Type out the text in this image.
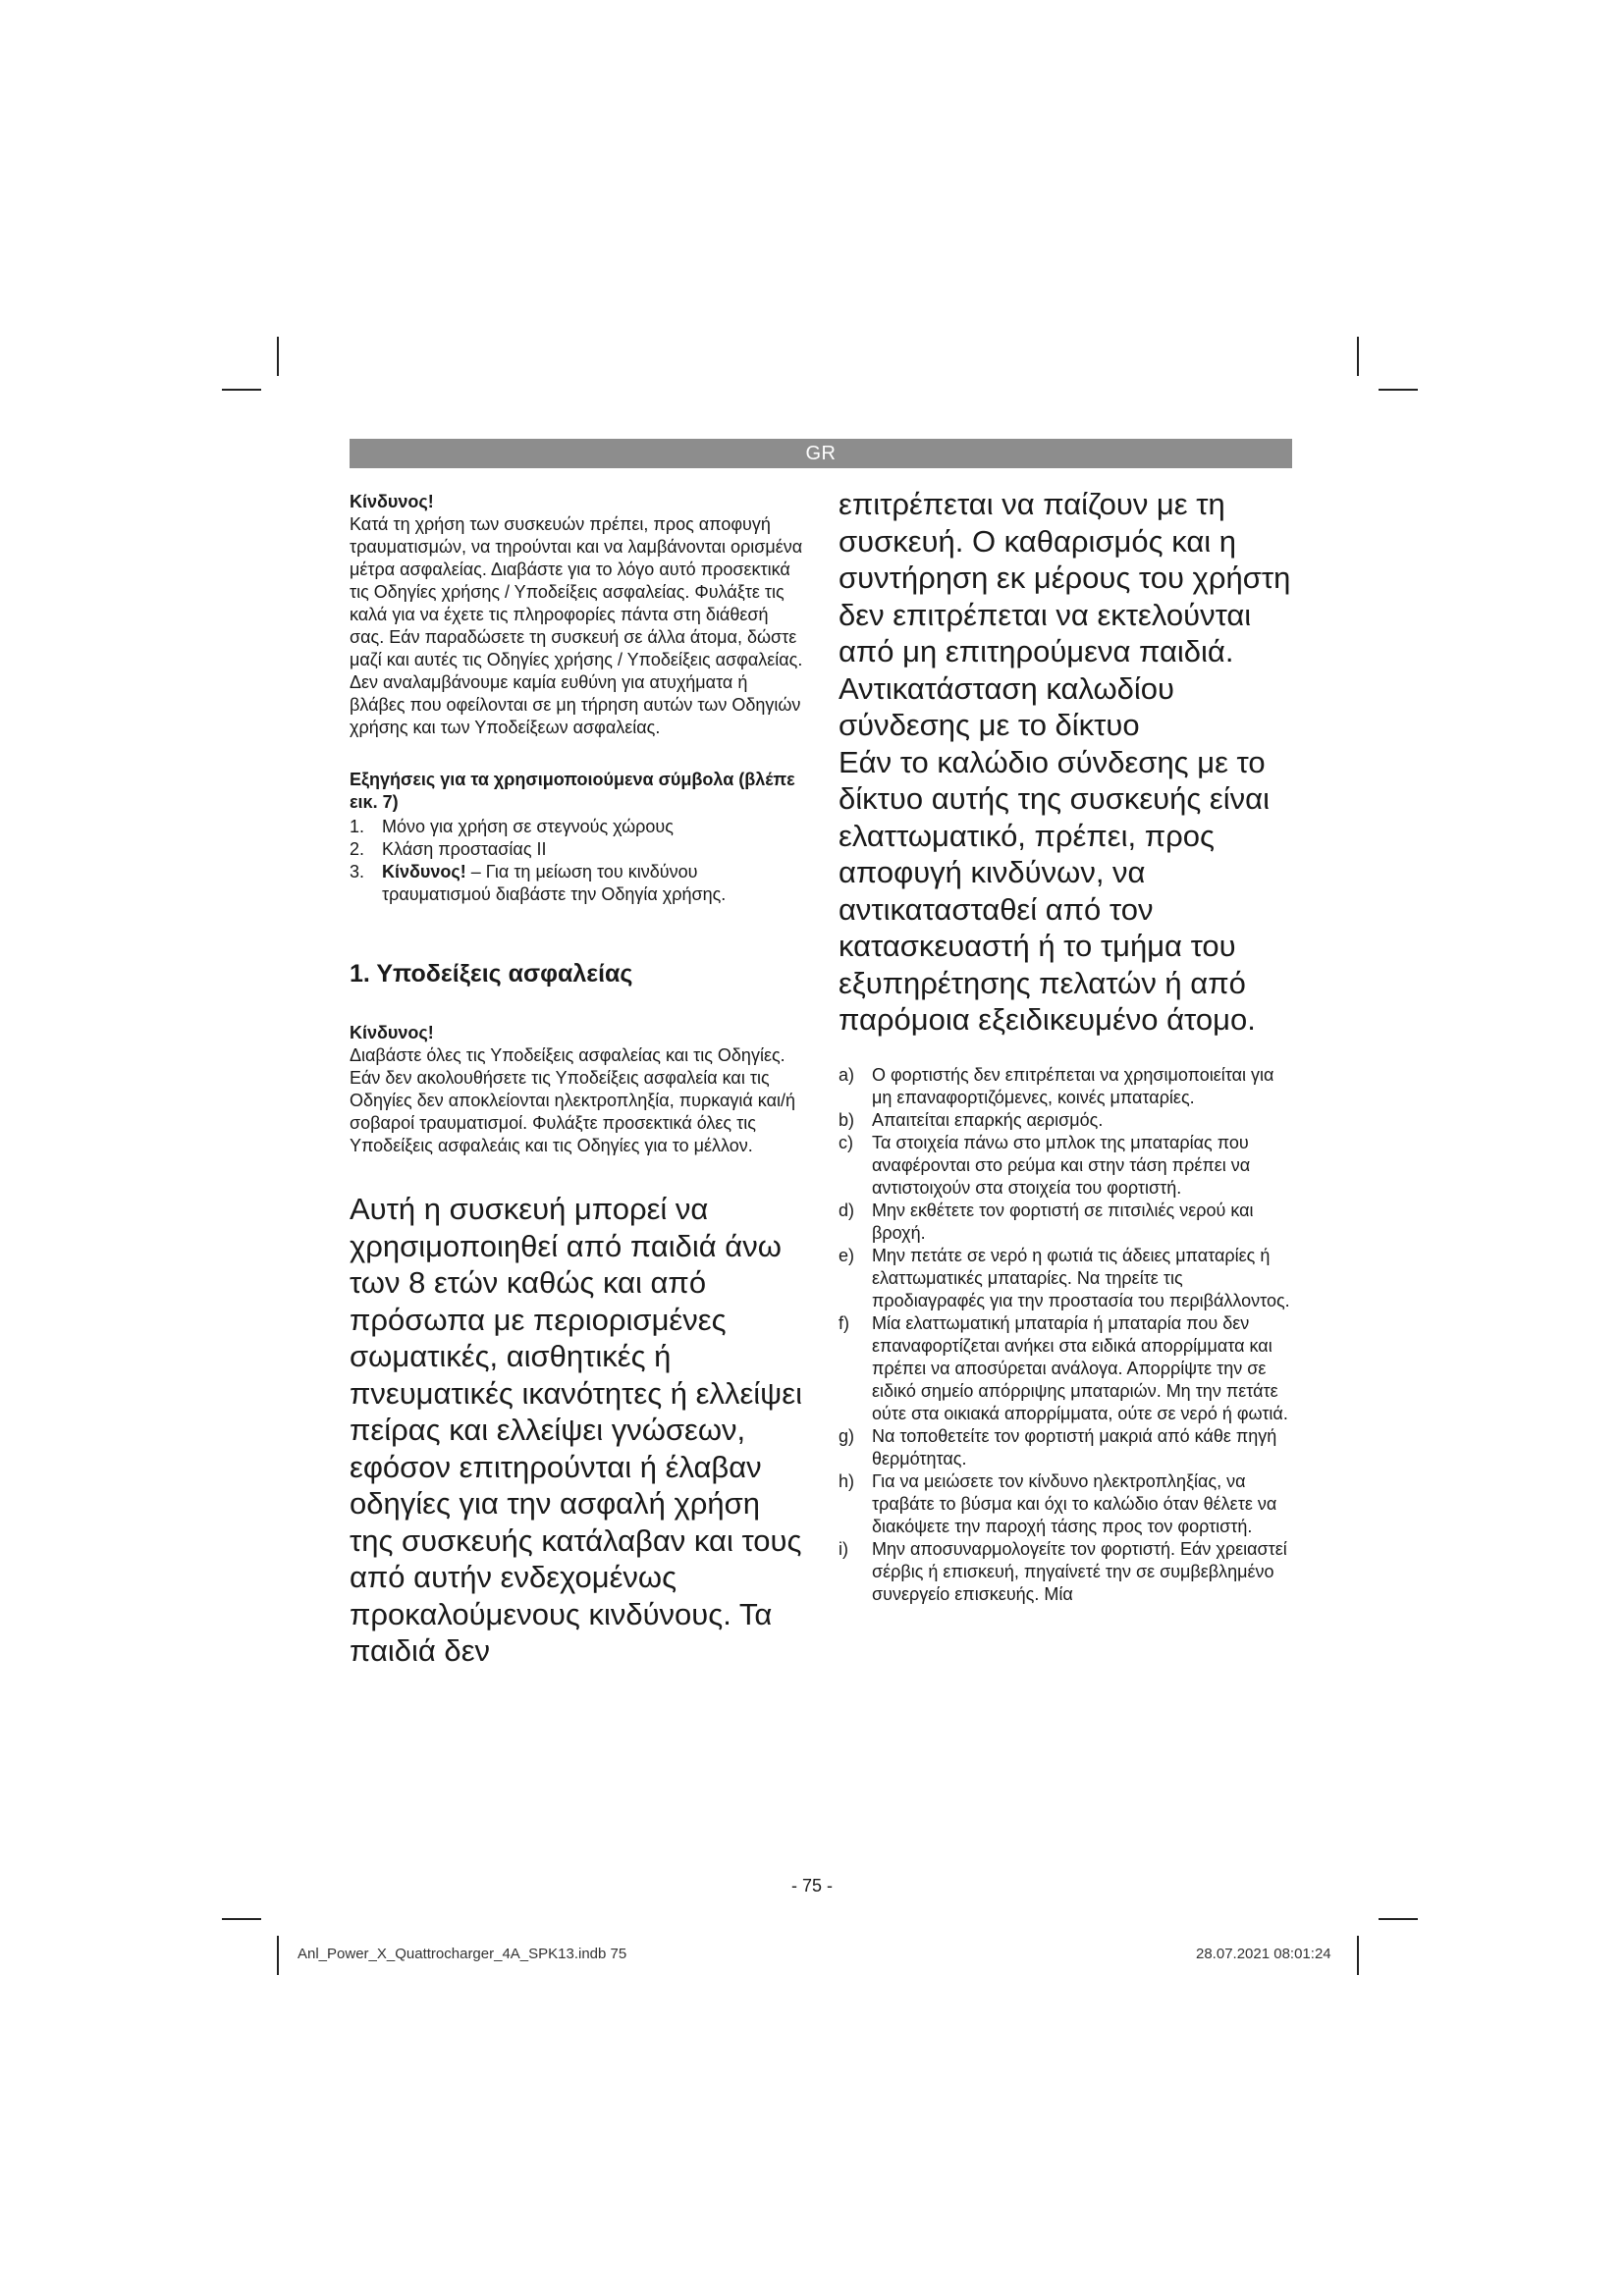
GR

Κίνδυνος!

Κατά τη χρήση των συσκευών πρέπει, προς αποφυγή τραυματισμών, να τηρούνται και να λαμβάνονται ορισμένα μέτρα ασφαλείας. Διαβάστε για το λόγο αυτό προσεκτικά τις Οδηγίες χρήσης / Υποδείξεις ασφαλείας. Φυλάξτε τις καλά για να έχετε τις πληροφορίες πάντα στη διάθεσή σας. Εάν παραδώσετε τη συσκευή σε άλλα άτομα, δώστε μαζί και αυτές τις Οδηγίες χρήσης / Υποδείξεις ασφαλείας. Δεν αναλαμβάνουμε καμία ευθύνη για ατυχήματα ή βλάβες που οφείλονται σε μη τήρηση αυτών των Οδηγιών χρήσης και των Υποδείξεων ασφαλείας.

Εξηγήσεις για τα χρησιμοποιούμενα σύμβολα (βλέπε εικ. 7)

1. Μόνο για χρήση σε στεγνούς χώρους
2. Κλάση προστασίας II
3. Κίνδυνος! – Για τη μείωση του κινδύνου τραυματισμού διαβάστε την Οδηγία χρήσης.
1. Υποδείξεις ασφαλείας

Κίνδυνος!

Διαβάστε όλες τις Υποδείξεις ασφαλείας και τις Οδηγίες. Εάν δεν ακολουθήσετε τις Υποδείξεις ασφαλεία και τις Οδηγίες δεν αποκλείονται ηλεκτροπληξία, πυρκαγιά και/ή σοβαροί τραυματισμοί. Φυλάξτε προσεκτικά όλες τις Υποδείξεις ασφαλεάις και τις Οδηγίες για το μέλλον.

Αυτή η συσκευή μπορεί να χρησιμοποιηθεί από παιδιά άνω των 8 ετών καθώς και από πρόσωπα με περιορισμένες σωματικές, αισθητικές ή πνευματικές ικανότητες ή ελλείψει πείρας και ελλείψει γνώσεων, εφόσον επιτηρούνται ή έλαβαν οδηγίες για την ασφαλή χρήση της συσκευής κατάλαβαν και τους από αυτήν ενδεχομένως προκαλούμενους κινδύνους. Τα παιδιά δεν

επιτρέπεται να παίζουν με τη συσκευή. Ο καθαρισμός και η συντήρηση εκ μέρους του χρήστη δεν επιτρέπεται να εκτελούνται από μη επιτηρούμενα παιδιά.

Αντικατάσταση καλωδίου σύνδεσης με το δίκτυο

Εάν το καλώδιο σύνδεσης με το δίκτυο αυτής της συσκευής είναι ελαττωματικό, πρέπει, προς αποφυγή κινδύνων, να αντικατασταθεί από τον κατασκευαστή ή το τμήμα του εξυπηρέτησης πελατών ή από παρόμοια εξειδικευμένο άτομο.

a) Ο φορτιστής δεν επιτρέπεται να χρησιμοποιείται για μη επαναφορτιζόμενες, κοινές μπαταρίες.
b) Απαιτείται επαρκής αερισμός.
c) Τα στοιχεία πάνω στο μπλοκ της μπαταρίας που αναφέρονται στο ρεύμα και στην τάση πρέπει να αντιστοιχούν στα στοιχεία του φορτιστή.
d) Μην εκθέτετε τον φορτιστή σε πιτσιλιές νερού και βροχή.
e) Μην πετάτε σε νερό η φωτιά τις άδειες μπαταρίες ή ελαττωματικές μπαταρίες. Να τηρείτε τις προδιαγραφές για την προστασία του περιβάλλοντος.
f) Μία ελαττωματική μπαταρία ή μπαταρία που δεν επαναφορτίζεται ανήκει στα ειδικά απορρίμματα και πρέπει να αποσύρεται ανάλογα. Απορρίψτε την σε ειδικό σημείο απόρριψης μπαταριών. Μη την πετάτε ούτε στα οικιακά απορρίμματα, ούτε σε νερό ή φωτιά.
g) Να τοποθετείτε τον φορτιστή μακριά από κάθε πηγή θερμότητας.
h) Για να μειώσετε τον κίνδυνο ηλεκτροπληξίας, να τραβάτε το βύσμα και όχι το καλώδιο όταν θέλετε να διακόψετε την παροχή τάσης προς τον φορτιστή.
i) Μην αποσυναρμολογείτε τον φορτιστή. Εάν χρειαστεί σέρβις ή επισκευή, πηγαίνετέ την σε συμβεβλημένο συνεργείο επισκευής. Μία
- 75 -
Anl_Power_X_Quattrocharger_4A_SPK13.indb 75	28.07.2021 08:01:24
